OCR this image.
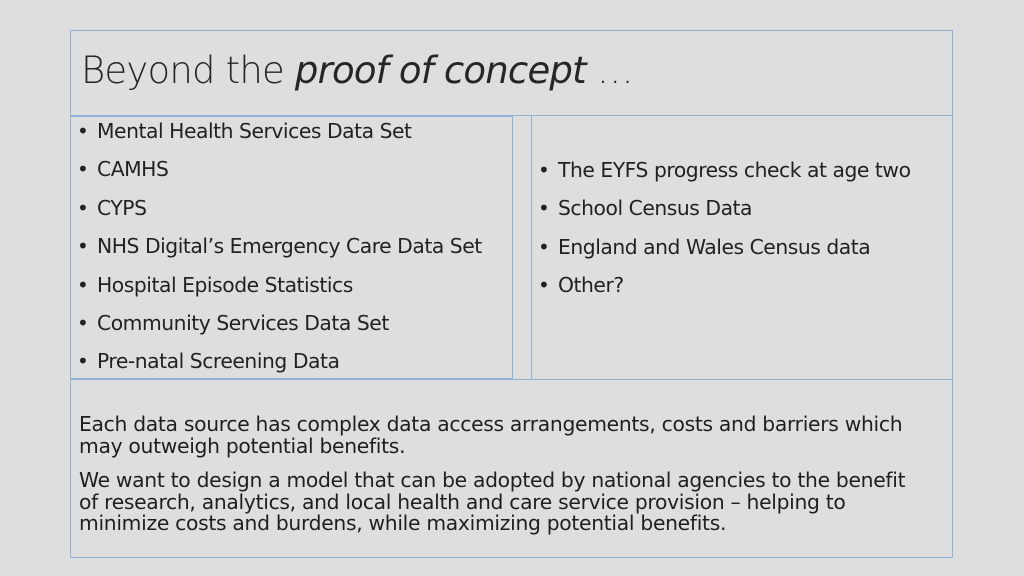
Beyond the proof of concept …
• Mental Health Services Data Set
• CAMHS
• CYPS
• NHS Digital’s Emergency Care Data Set
• Hospital Episode Statistics
• Community Services Data Set
• Pre-natal Screening Data
• The EYFS progress check at age two
• School Census Data
• England and Wales Census data
• Other?

Each data source has complex data access arrangements, costs and barriers which may outweigh potential benefits.

We want to design a model that can be adopted by national agencies to the benefit of research, analytics, and local health and care service provision – helping to minimize costs and burdens, while maximizing potential benefits.
